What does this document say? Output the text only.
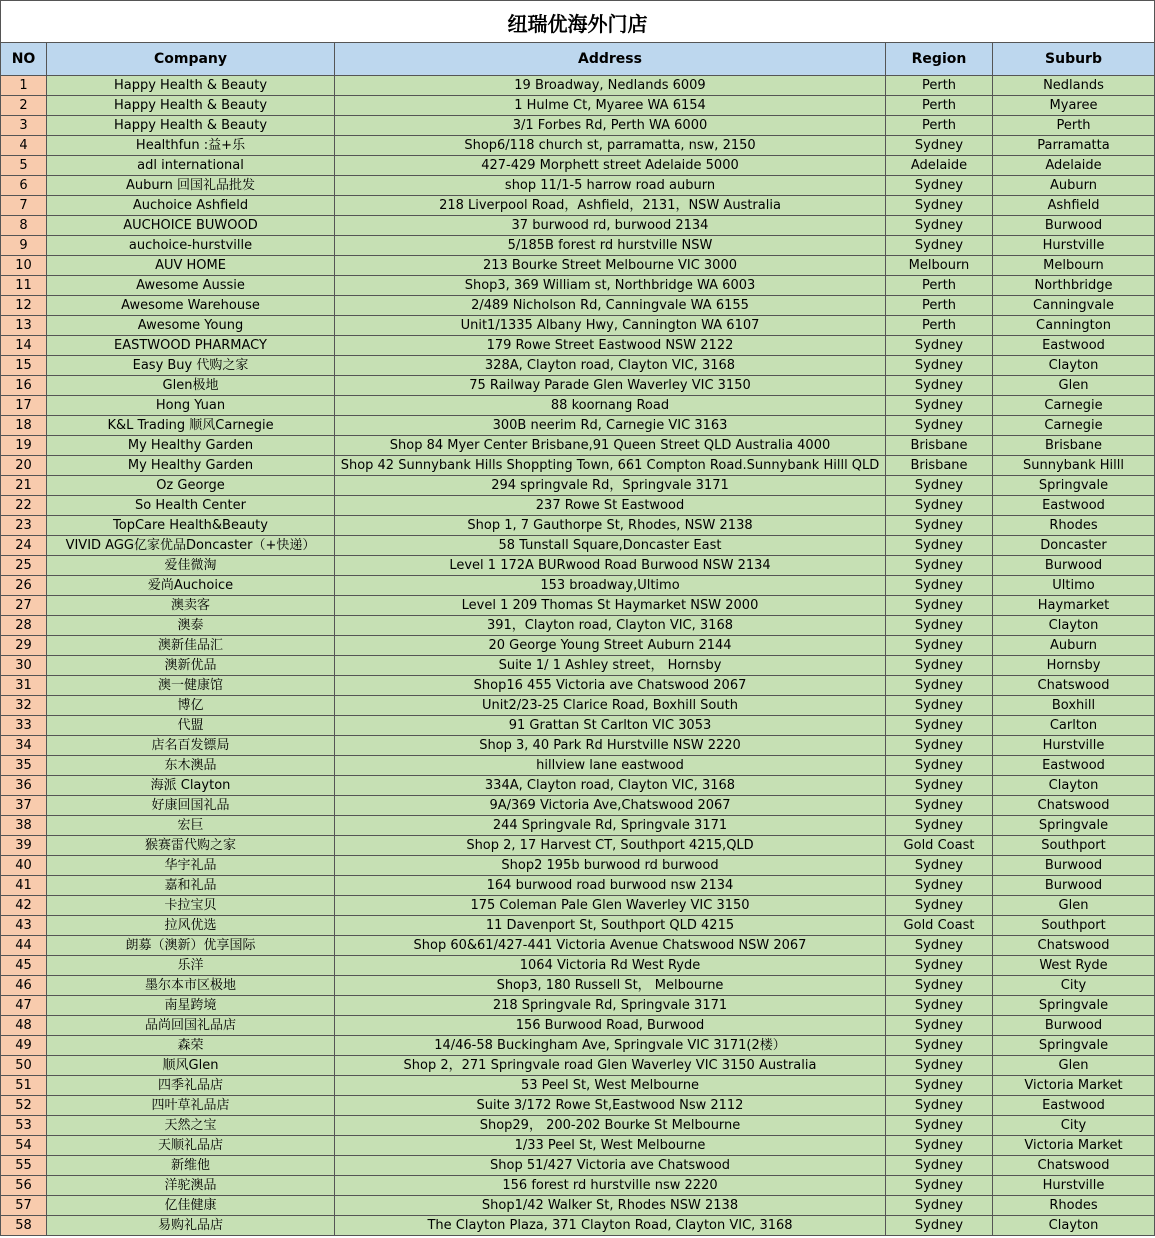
纽瑞优海外门店
NO	Company	Address	Region	Suburb
1	Happy Health & Beauty	19 Broadway, Nedlands 6009	Perth	Nedlands
2	Happy Health & Beauty	1 Hulme Ct, Myaree WA 6154	Perth	Myaree
3	Happy Health & Beauty	3/1 Forbes Rd, Perth WA 6000	Perth	Perth
4	Healthfun :益+乐	Shop6/118 church st, parramatta, nsw, 2150	Sydney	Parramatta
5	adl international	427-429 Morphett street Adelaide 5000	Adelaide	Adelaide
6	Auburn 回国礼品批发	shop 11/1-5 harrow road auburn	Sydney	Auburn
7	Auchoice Ashfield	218 Liverpool Road，Ashfield，2131，NSW Australia	Sydney	Ashfield
8	AUCHOICE BUWOOD	37 burwood rd, burwood 2134	Sydney	Burwood
9	auchoice-hurstville	5/185B forest rd hurstville NSW	Sydney	Hurstville
10	AUV HOME	213 Bourke Street Melbourne VIC 3000	Melbourn	Melbourn
11	Awesome Aussie	Shop3, 369 William st, Northbridge WA 6003	Perth	Northbridge
12	Awesome Warehouse	2/489 Nicholson Rd, Canningvale WA 6155	Perth	Canningvale
13	Awesome Young	Unit1/1335 Albany Hwy, Cannington WA 6107	Perth	Cannington
14	EASTWOOD PHARMACY	179 Rowe Street Eastwood NSW 2122	Sydney	Eastwood
15	Easy Buy 代购之家	328A, Clayton road, Clayton VIC, 3168	Sydney	Clayton
16	Glen极地	75 Railway Parade Glen Waverley VIC 3150	Sydney	Glen
17	Hong Yuan	88 koornang Road	Sydney	Carnegie
18	K&L Trading 顺风Carnegie	300B neerim Rd, Carnegie VIC 3163	Sydney	Carnegie
19	My Healthy Garden	Shop 84 Myer Center Brisbane,91 Queen Street QLD Australia 4000	Brisbane	Brisbane
20	My Healthy Garden	Shop 42 Sunnybank Hills Shoppting Town, 661 Compton Road.Sunnybank Hilll QLD	Brisbane	Sunnybank Hilll
21	Oz George	294 springvale Rd，Springvale 3171	Sydney	Springvale
22	So Health Center	237 Rowe St Eastwood	Sydney	Eastwood
23	TopCare Health&Beauty	Shop 1, 7 Gauthorpe St, Rhodes, NSW 2138	Sydney	Rhodes
24	VIVID AGG亿家优品Doncaster（+快递）	58 Tunstall Square,Doncaster East	Sydney	Doncaster
25	爱佳微淘	Level 1 172A BURwood Road Burwood NSW 2134	Sydney	Burwood
26	爱尚Auchoice	153 broadway,Ultimo	Sydney	Ultimo
27	澳卖客	Level 1 209 Thomas St Haymarket NSW 2000	Sydney	Haymarket
28	澳泰	391，Clayton road, Clayton VIC, 3168	Sydney	Clayton
29	澳新佳品汇	20 George Young Street Auburn 2144	Sydney	Auburn
30	澳新优品	Suite 1/ 1 Ashley street， Hornsby	Sydney	Hornsby
31	澳一健康馆	Shop16 455 Victoria ave Chatswood 2067	Sydney	Chatswood
32	博亿	Unit2/23-25 Clarice Road, Boxhill South	Sydney	Boxhill
33	代盟	91 Grattan St Carlton VIC 3053	Sydney	Carlton
34	店名百发镖局	Shop 3, 40 Park Rd Hurstville NSW 2220	Sydney	Hurstville
35	东木澳品	hillview lane eastwood	Sydney	Eastwood
36	海派 Clayton	334A, Clayton road, Clayton VIC, 3168	Sydney	Clayton
37	好康回国礼品	9A/369 Victoria Ave,Chatswood 2067	Sydney	Chatswood
38	宏巨	244 Springvale Rd, Springvale 3171	Sydney	Springvale
39	猴赛雷代购之家	Shop 2, 17 Harvest CT, Southport 4215,QLD	Gold Coast	Southport
40	华宇礼品	Shop2 195b burwood rd burwood	Sydney	Burwood
41	嘉和礼品	164 burwood road burwood nsw 2134	Sydney	Burwood
42	卡拉宝贝	175 Coleman Pale Glen Waverley VIC 3150	Sydney	Glen
43	拉风优选	11 Davenport St, Southport QLD 4215	Gold Coast	Southport
44	朗募（澳新）优享国际	Shop 60&61/427-441 Victoria Avenue Chatswood NSW 2067	Sydney	Chatswood
45	乐洋	1064 Victoria Rd West Ryde	Sydney	West Ryde
46	墨尔本市区极地	Shop3, 180 Russell St， Melbourne	Sydney	City
47	南星跨境	218 Springvale Rd, Springvale 3171	Sydney	Springvale
48	品尚回国礼品店	156 Burwood Road, Burwood	Sydney	Burwood
49	森荣	14/46-58 Buckingham Ave, Springvale VIC 3171(2楼）	Sydney	Springvale
50	顺风Glen	Shop 2，271 Springvale road Glen Waverley VIC 3150 Australia	Sydney	Glen
51	四季礼品店	53 Peel St, West Melbourne	Sydney	Victoria Market
52	四叶草礼品店	Suite 3/172 Rowe St,Eastwood Nsw 2112	Sydney	Eastwood
53	天然之宝	Shop29， 200-202 Bourke St Melbourne	Sydney	City
54	天顺礼品店	1/33 Peel St, West Melbourne	Sydney	Victoria Market
55	新维他	Shop 51/427 Victoria ave Chatswood	Sydney	Chatswood
56	洋驼澳品	156 forest rd hurstville nsw 2220	Sydney	Hurstville
57	亿佳健康	Shop1/42 Walker St, Rhodes NSW 2138	Sydney	Rhodes
58	易购礼品店	The Clayton Plaza, 371 Clayton Road, Clayton VIC, 3168	Sydney	Clayton
